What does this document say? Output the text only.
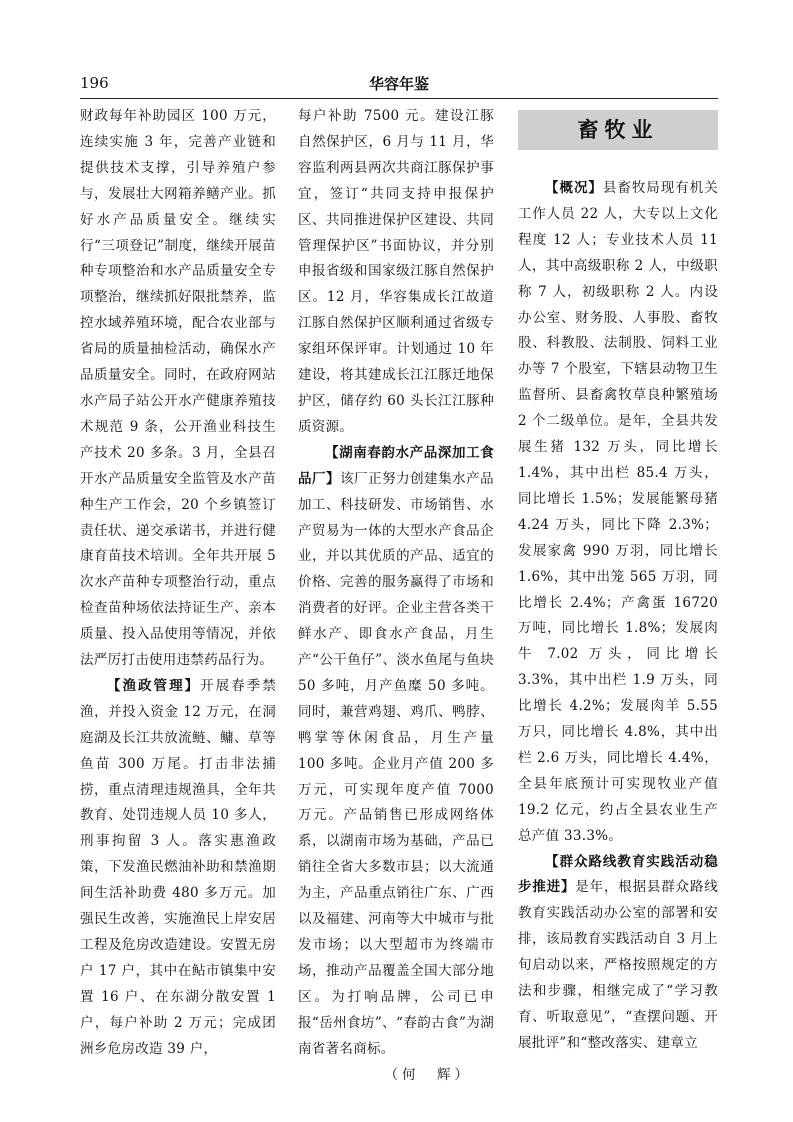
196	华容年鉴

财政每年补助园区 100 万元，连续实施 3 年，完善产业链和提供技术支撑，引导养殖户参与，发展壮大网箱养鳝产业。抓好水产品质量安全。继续实行“三项登记”制度，继续开展苗种专项整治和水产品质量安全专项整治，继续抓好限批禁养，监控水域养殖环境，配合农业部与省局的质量抽检活动，确保水产品质量安全。同时，在政府网站水产局子站公开水产健康养殖技术规范 9 条，公开渔业科技生产技术 20 多条。3 月，全县召开水产品质量安全监管及水产苗种生产工作会，20 个乡镇签订责任状、递交承诺书，并进行健康育苗技术培训。全年共开展 5 次水产苗种专项整治行动，重点检查苗种场依法持证生产、亲本质量、投入品使用等情况，并依法严厉打击使用违禁药品行为。

【渔政管理】开展春季禁渔，并投入资金 12 万元，在洞庭湖及长江共放流鲢、鳙、草等鱼苗 300 万尾。打击非法捕捞，重点清理违规渔具，全年共教育、处罚违规人员 10 多人，刑事拘留 3 人。落实惠渔政策，下发渔民燃油补助和禁渔期间生活补助费 480 多万元。加强民生改善，实施渔民上岸安居工程及危房改造建设。安置无房户 17 户，其中在鲇市镇集中安置 16 户、在东湖分散安置 1 户，每户补助 2 万元；完成团洲乡危房改造 39 户，

每户补助 7500 元。建设江豚自然保护区，6 月与 11 月，华容监利两县两次共商江豚保护事宜，签订“共同支持申报保护区、共同推进保护区建设、共同管理保护区”书面协议，并分别申报省级和国家级江豚自然保护区。12 月，华容集成长江故道江豚自然保护区顺利通过省级专家组环保评审。计划通过 10 年建设，将其建成长江江豚迁地保护区，储存约 60 头长江江豚种质资源。

【湖南春韵水产品深加工食品厂】该厂正努力创建集水产品加工、科技研发、市场销售、水产贸易为一体的大型水产食品企业，并以其优质的产品、适宜的价格、完善的服务赢得了市场和消费者的好评。企业主营各类干鲜水产、即食水产食品，月生产“公干鱼仔”、淡水鱼尾与鱼块 50 多吨，月产鱼糜 50 多吨。同时，兼营鸡翅、鸡爪、鸭脖、鸭掌等休闲食品，月生产量 100 多吨。企业月产值 200 多万元，可实现年度产值 7000 万元。产品销售已形成网络体系，以湖南市场为基础，产品已销往全省大多数市县；以大流通为主，产品重点销往广东、广西以及福建、河南等大中城市与批发市场；以大型超市为终端市场，推动产品覆盖全国大部分地区。为打响品牌，公司已申报“岳州食坊”、“春韵古食”为湖南省著名商标。

（何　辉）
畜牧业

【概况】县畜牧局现有机关工作人员 22 人，大专以上文化程度 12 人；专业技术人员 11 人，其中高级职称 2 人，中级职称 7 人，初级职称 2 人。内设办公室、财务股、人事股、畜牧股、科教股、法制股、饲料工业办等 7 个股室，下辖县动物卫生监督所、县畜禽牧草良种繁殖场 2 个二级单位。是年，全县共发展生猪 132 万头，同比增长 1.4%，其中出栏 85.4 万头，同比增长 1.5%；发展能繁母猪 4.24 万头，同比下降 2.3%；发展家禽 990 万羽，同比增长 1.6%，其中出笼 565 万羽，同比增长 2.4%；产禽蛋 16720 万吨，同比增长 1.8%；发展肉牛 7.02 万头，同比增长 3.3%，其中出栏 1.9 万头，同比增长 4.2%；发展肉羊 5.55 万只，同比增长 4.8%，其中出栏 2.6 万头，同比增长 4.4%，全县年底预计可实现牧业产值 19.2 亿元，约占全县农业生产总产值 33.3%。

【群众路线教育实践活动稳步推进】是年，根据县群众路线教育实践活动办公室的部署和安排，该局教育实践活动自 3 月上旬启动以来，严格按照规定的方法和步骤，相继完成了“学习教育、听取意见”，“查摆问题、开展批评”和“整改落实、建章立
